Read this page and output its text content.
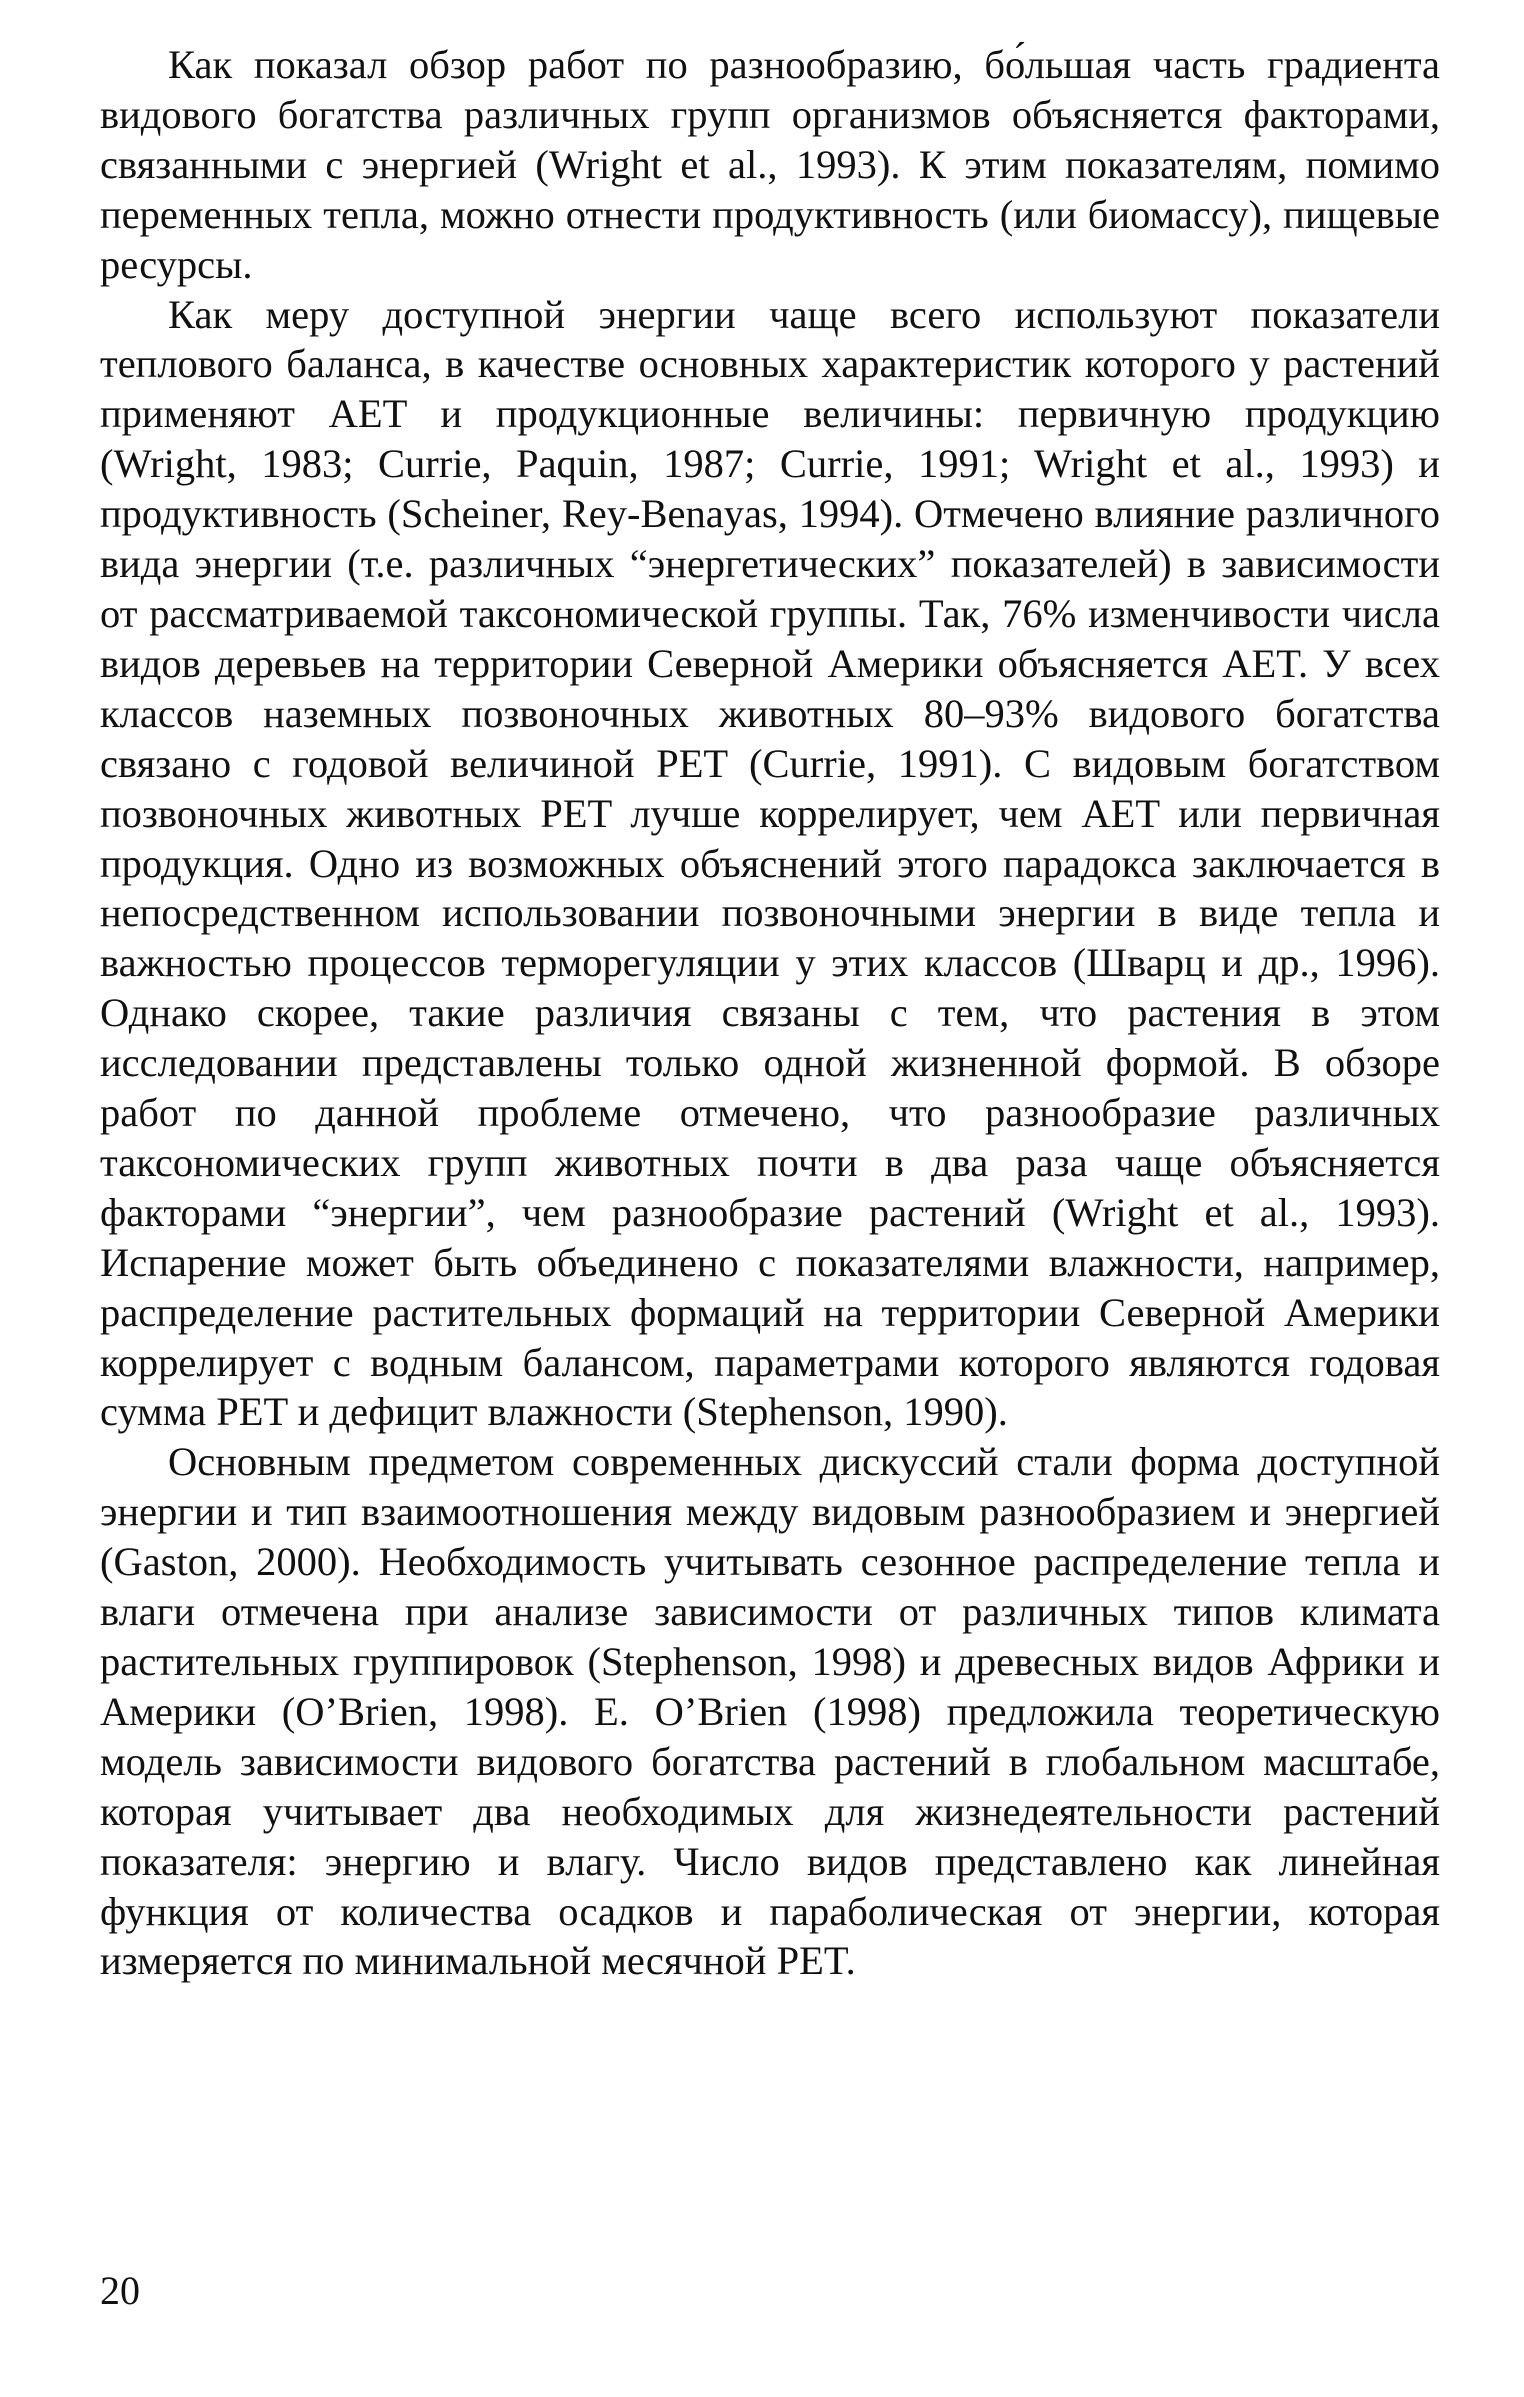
Как показал обзор работ по разнообразию, бо́льшая часть градиента видового богатства различных групп организмов объясняется факторами, связанными с энергией (Wright et al., 1993). К этим показателям, помимо переменных тепла, можно отнести продуктивность (или биомассу), пищевые ресурсы.

Как меру доступной энергии чаще всего используют показатели теплового баланса, в качестве основных характеристик которого у растений применяют AET и продукционные величины: первичную продукцию (Wright, 1983; Currie, Paquin, 1987; Currie, 1991; Wright et al., 1993) и продуктивность (Scheiner, Rey-Benayas, 1994). Отмечено влияние различного вида энергии (т.е. различных “энергетических” показателей) в зависимости от рассматриваемой таксономической группы. Так, 76% изменчивости числа видов деревьев на территории Северной Америки объясняется AET. У всех классов наземных позвоночных животных 80–93% видового богатства связано с годовой величиной PET (Currie, 1991). С видовым богатством позвоночных животных PET лучше коррелирует, чем AET или первичная продукция. Одно из возможных объяснений этого парадокса заключается в непосредственном использовании позвоночными энергии в виде тепла и важностью процессов терморегуляции у этих классов (Шварц и др., 1996). Однако скорее, такие различия связаны с тем, что растения в этом исследовании представлены только одной жизненной формой. В обзоре работ по данной проблеме отмечено, что разнообразие различных таксономических групп животных почти в два раза чаще объясняется факторами “энергии”, чем разнообразие растений (Wright et al., 1993). Испарение может быть объединено с показателями влажности, например, распределение растительных формаций на территории Северной Америки коррелирует с водным балансом, параметрами которого являются годовая сумма PET и дефицит влажности (Stephenson, 1990).

Основным предметом современных дискуссий стали форма доступной энергии и тип взаимоотношения между видовым разнообразием и энергией (Gaston, 2000). Необходимость учитывать сезонное распределение тепла и влаги отмечена при анализе зависимости от различных типов климата растительных группировок (Stephenson, 1998) и древесных видов Африки и Америки (O’Brien, 1998). E. O’Brien (1998) предложила теоретическую модель зависимости видового богатства растений в глобальном масштабе, которая учитывает два необходимых для жизнедеятельности растений показателя: энергию и влагу. Число видов представлено как линейная функция от количества осадков и параболическая от энергии, которая измеряется по минимальной месячной PET.

20
